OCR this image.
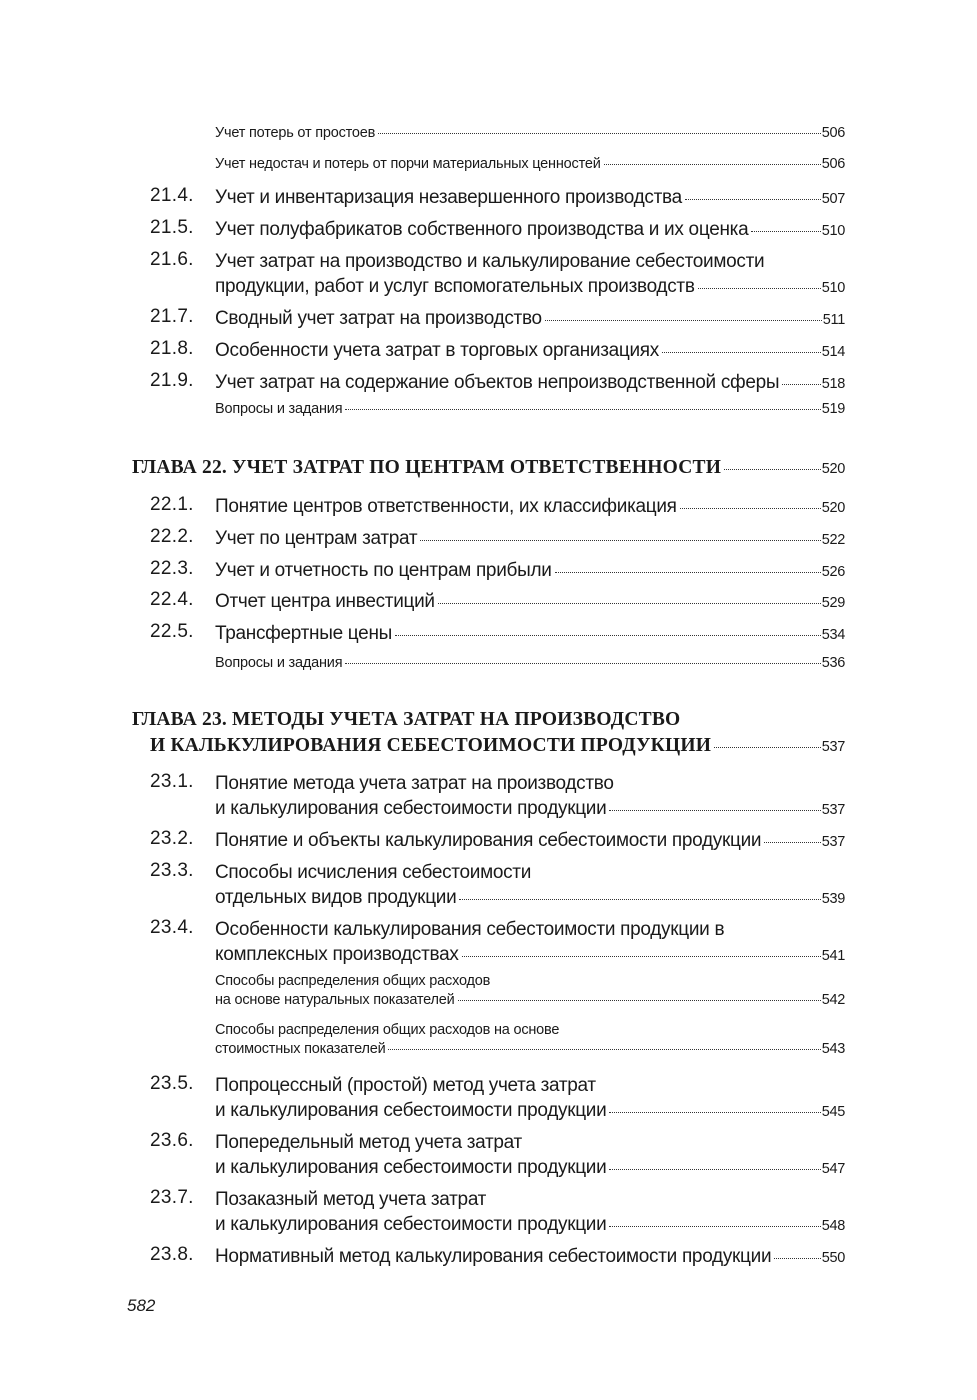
Учет потерь от простоев	506
Учет недостач и потерь от порчи материальных ценностей	506
21.4. Учет и инвентаризация незавершенного производства	507
21.5. Учет полуфабрикатов собственного производства и их оценка	510
21.6. Учет затрат на производство и калькулирование себестоимости
продукции, работ и услуг вспомогательных производств	510
21.7. Сводный учет затрат на производство	511
21.8. Особенности учета затрат в торговых организациях	514
21.9. Учет затрат на содержание объектов непроизводственной сферы	518
Вопросы и задания	519
ГЛАВА 22. УЧЕТ ЗАТРАТ ПО ЦЕНТРАМ ОТВЕТСТВЕННОСТИ	520
22.1. Понятие центров ответственности, их классификация	520
22.2. Учет по центрам затрат	522
22.3. Учет и отчетность по центрам прибыли	526
22.4. Отчет центра инвестиций	529
22.5. Трансфертные цены	534
Вопросы и задания	536
ГЛАВА 23. МЕТОДЫ УЧЕТА ЗАТРАТ НА ПРОИЗВОДСТВО
И КАЛЬКУЛИРОВАНИЯ СЕБЕСТОИМОСТИ ПРОДУКЦИИ	537
23.1. Понятие метода учета затрат на производство
и калькулирования себестоимости продукции	537
23.2. Понятие и объекты калькулирования себестоимости продукции	537
23.3. Способы исчисления себестоимости
отдельных видов продукции	539
23.4. Особенности калькулирования себестоимости продукции в
комплексных производствах	541
Способы распределения общих расходов
на основе натуральных показателей	542
Способы распределения общих расходов на основе
стоимостных показателей	543
23.5. Попроцессный (простой) метод учета затрат
и калькулирования себестоимости продукции	545
23.6. Попередельный метод учета затрат
и калькулирования себестоимости продукции	547
23.7. Позаказный метод учета затрат
и калькулирования себестоимости продукции	548
23.8. Нормативный метод калькулирования себестоимости продукции	550
582
